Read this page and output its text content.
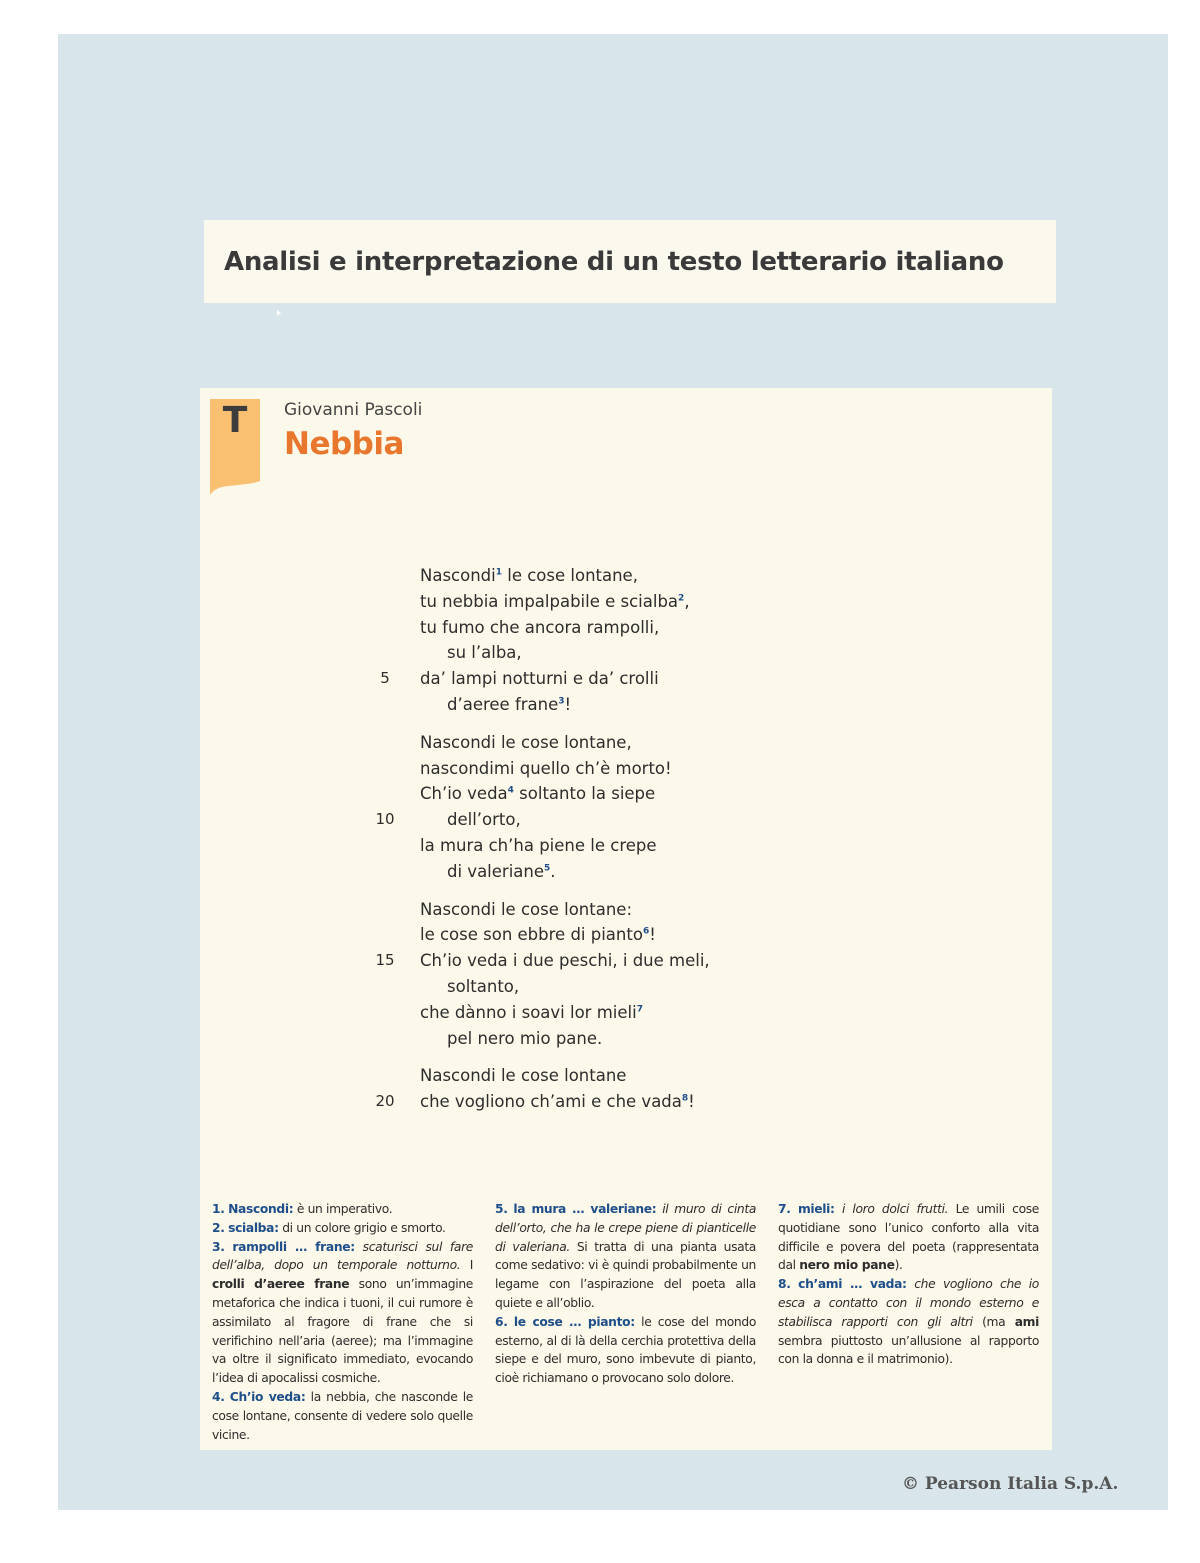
Analisi e interpretazione di un testo letterario italiano
T	Giovanni Pascoli
Nebbia
Nascondi$^1$ le cose lontane,
tu nebbia impalpabile e scialba$^2$,
tu fumo che ancora rampolli,
su l’alba,
5	da’ lampi notturni e da’ crolli
d’aeree frane$^3$!
Nascondi le cose lontane,
nascondimi quello ch’è morto!
Ch’io veda$^4$ soltanto la siepe
10	dell’orto,
la mura ch’ha piene le crepe
di valeriane$^5$.
Nascondi le cose lontane:
le cose son ebbre di pianto$^6$!
15	Ch’io veda i due peschi, i due meli,
soltanto,
che dànno i soavi lor mieli$^7$
pel nero mio pane.
Nascondi le cose lontane
20	che vogliono ch’ami e che vada$^8$!

1. Nascondi: è un imperativo.

2. scialba: di un colore grigio e smorto.

3. rampolli … frane: scaturisci sul fare dell’alba, dopo un temporale notturno. I crolli d’aeree frane sono un’immagine metaforica che indica i tuoni, il cui rumore è assimilato al fragore di frane che si verifichino nell’aria (aeree); ma l’immagine va oltre il significato immediato, evocando l’idea di apocalissi cosmiche.

4. Ch’io veda: la nebbia, che nasconde le cose lontane, consente di vedere solo quelle vicine.

5. la mura … valeriane: il muro di cinta dell’orto, che ha le crepe piene di pianticelle di valeriana. Si tratta di una pianta usata come sedativo: vi è quindi probabilmente un legame con l’aspirazione del poeta alla quiete e all’oblio.

6. le cose … pianto: le cose del mondo esterno, al di là della cerchia protettiva della siepe e del muro, sono imbevute di pianto, cioè richiamano o provocano solo dolore.

7. mieli: i loro dolci frutti. Le umili cose quotidiane sono l’unico conforto alla vita difficile e povera del poeta (rappresentata dal nero mio pane).

8. ch’ami … vada: che vogliono che io esca a contatto con il mondo esterno e stabilisca rapporti con gli altri (ma ami sembra piuttosto un’allusione al rapporto con la donna e il matrimonio).

© Pearson Italia S.p.A.
